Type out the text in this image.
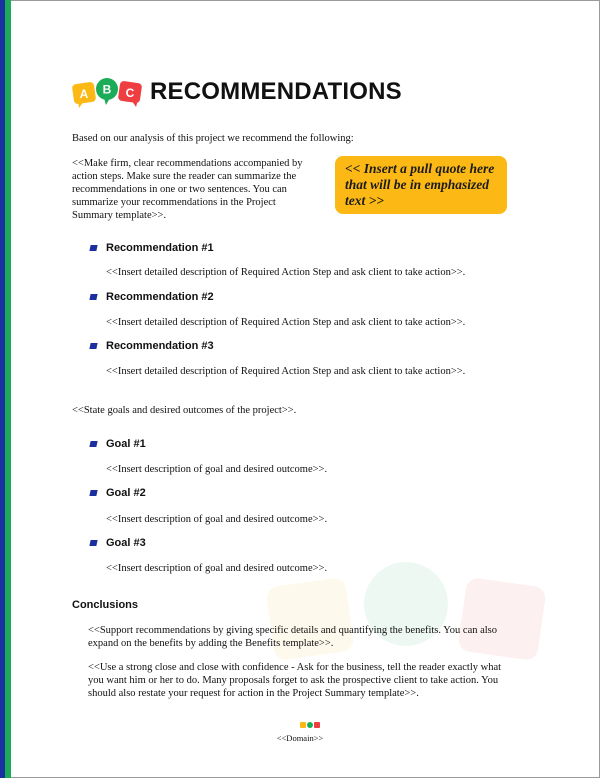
A B C RECOMMENDATIONS
Based on our analysis of this project we recommend the following:
<<Make firm, clear recommendations accompanied by
action steps. Make sure the reader can summarize the
recommendations in one or two sentences. You can
summarize your recommendations in the Project
Summary template>>.
<< Insert a pull quote here
that will be in emphasized
text >>
Recommendation #1
<<Insert detailed description of Required Action Step and ask client to take action>>.
Recommendation #2
<<Insert detailed description of Required Action Step and ask client to take action>>.
Recommendation #3
<<Insert detailed description of Required Action Step and ask client to take action>>.
<<State goals and desired outcomes of the project>>.
Goal #1
<<Insert description of goal and desired outcome>>.
Goal #2
<<Insert description of goal and desired outcome>>.
Goal #3
<<Insert description of goal and desired outcome>>.
Conclusions
<<Support recommendations by giving specific details and quantifying the benefits. You can also
expand on the benefits by adding the Benefits template>>.
<<Use a strong close and close with confidence - Ask for the business, tell the reader exactly what
you want him or her to do. Many proposals forget to ask the prospective client to take action. You
should also restate your request for action in the Project Summary template>>.
<<Domain>>
